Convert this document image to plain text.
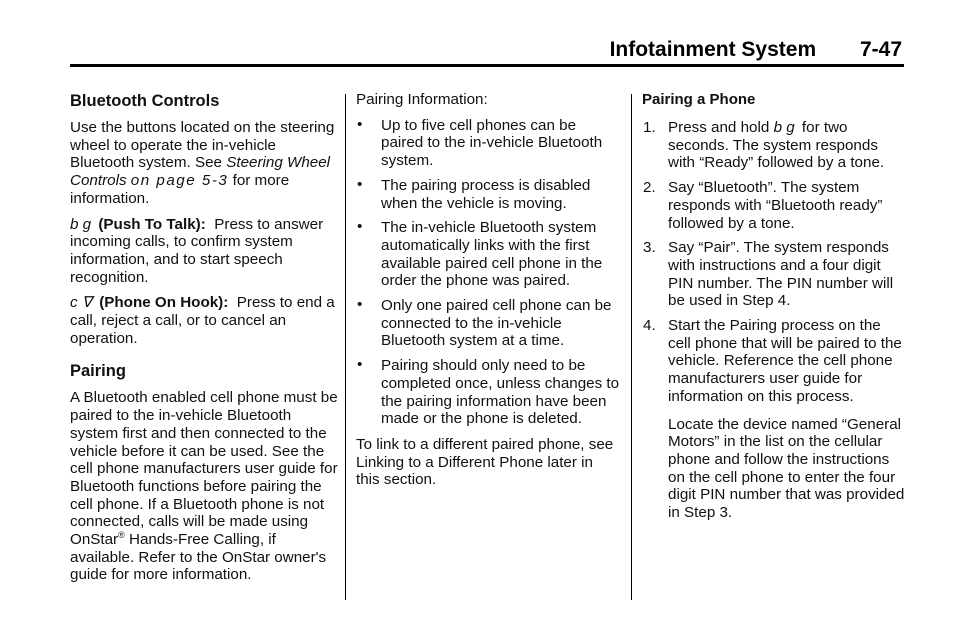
Infotainment System 7-47
Bluetooth Controls

Use the buttons located on the steering wheel to operate the in-vehicle Bluetooth system. See Steering Wheel Controls on page 5-3 for more information.

b g (Push To Talk): Press to answer incoming calls, to confirm system information, and to start speech recognition.

c ∇ (Phone On Hook): Press to end a call, reject a call, or to cancel an operation.

Pairing

A Bluetooth enabled cell phone must be paired to the in-vehicle Bluetooth system first and then connected to the vehicle before it can be used. See the cell phone manufacturers user guide for Bluetooth functions before pairing the cell phone. If a Bluetooth phone is not connected, calls will be made using OnStar® Hands-Free Calling, if available. Refer to the OnStar owner's guide for more information.

Pairing Information:

• Up to five cell phones can be paired to the in-vehicle Bluetooth system.
• The pairing process is disabled when the vehicle is moving.
• The in-vehicle Bluetooth system automatically links with the first available paired cell phone in the order the phone was paired.
• Only one paired cell phone can be connected to the in-vehicle Bluetooth system at a time.
• Pairing should only need to be completed once, unless changes to the pairing information have been made or the phone is deleted.

To link to a different paired phone, see Linking to a Different Phone later in this section.

Pairing a Phone
1. Press and hold b g for two seconds. The system responds with “Ready” followed by a tone.
2. Say “Bluetooth”. The system responds with “Bluetooth ready” followed by a tone.
3. Say “Pair”. The system responds with instructions and a four digit PIN number. The PIN number will be used in Step 4.
4. Start the Pairing process on the cell phone that will be paired to the vehicle. Reference the cell phone manufacturers user guide for information on this process.
Locate the device named “General Motors” in the list on the cellular phone and follow the instructions on the cell phone to enter the four digit PIN number that was provided in Step 3.
